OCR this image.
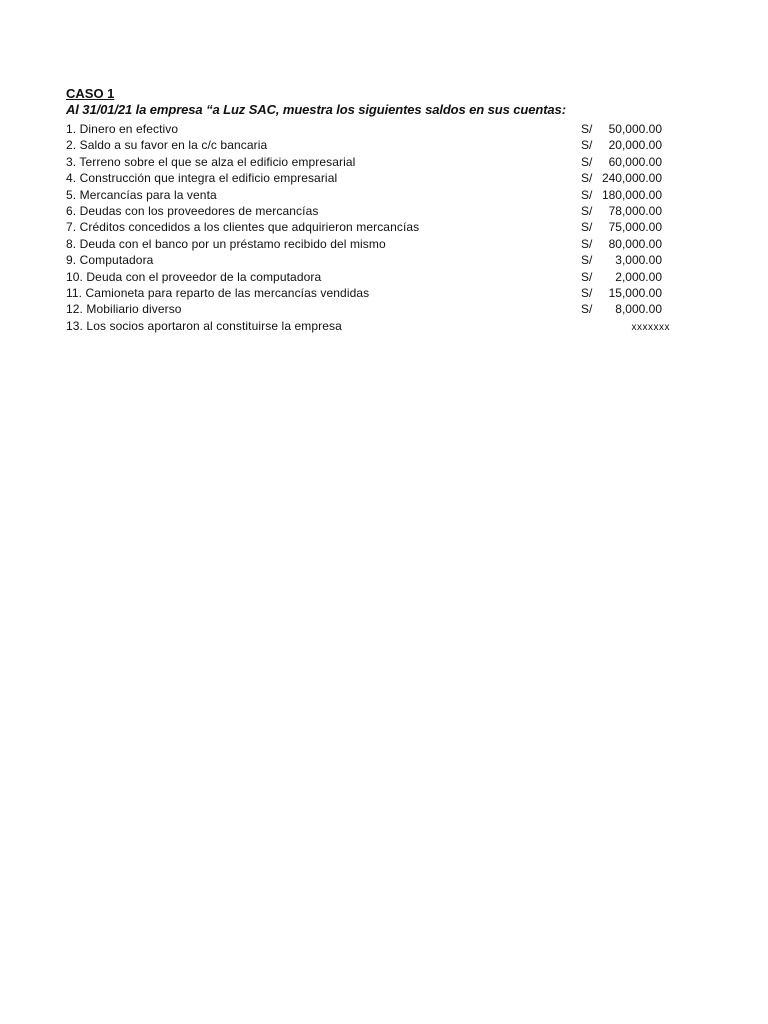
CASO 1
Al 31/01/21 la empresa “a Luz SAC, muestra los siguientes saldos en sus cuentas:
1. Dinero en efectivo	S/ 50,000.00
2. Saldo a su favor en la c/c bancaria	S/ 20,000.00
3. Terreno sobre el que se alza el edificio empresarial	S/ 60,000.00
4. Construcción que integra el edificio empresarial	S/ 240,000.00
5. Mercancías para la venta	S/ 180,000.00
6. Deudas con los proveedores de mercancías	S/ 78,000.00
7. Créditos concedidos a los clientes que adquirieron mercancías	S/ 75,000.00
8. Deuda con el banco por un préstamo recibido del mismo	S/ 80,000.00
9. Computadora	S/ 3,000.00
10. Deuda con el proveedor de la computadora	S/ 2,000.00
11. Camioneta para reparto de las mercancías vendidas	S/ 15,000.00
12. Mobiliario diverso	S/ 8,000.00
13. Los socios aportaron al constituirse la empresa	xxxxxxx
